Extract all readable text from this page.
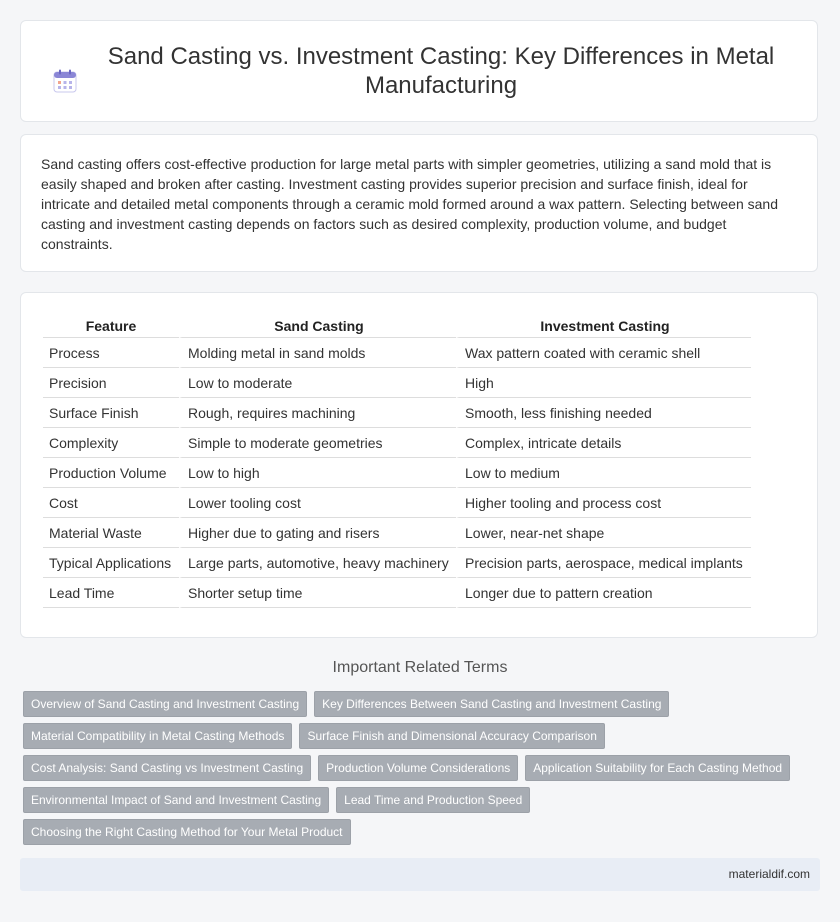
Sand Casting vs. Investment Casting: Key Differences in Metal Manufacturing

Sand casting offers cost-effective production for large metal parts with simpler geometries, utilizing a sand mold that is easily shaped and broken after casting. Investment casting provides superior precision and surface finish, ideal for intricate and detailed metal components through a ceramic mold formed around a wax pattern. Selecting between sand casting and investment casting depends on factors such as desired complexity, production volume, and budget constraints.

Feature	Sand Casting	Investment Casting
Process	Molding metal in sand molds	Wax pattern coated with ceramic shell
Precision	Low to moderate	High
Surface Finish	Rough, requires machining	Smooth, less finishing needed
Complexity	Simple to moderate geometries	Complex, intricate details
Production Volume	Low to high	Low to medium
Cost	Lower tooling cost	Higher tooling and process cost
Material Waste	Higher due to gating and risers	Lower, near-net shape
Typical Applications	Large parts, automotive, heavy machinery	Precision parts, aerospace, medical implants
Lead Time	Shorter setup time	Longer due to pattern creation
Important Related Terms
Overview of Sand Casting and Investment Casting	Key Differences Between Sand Casting and Investment Casting
Material Compatibility in Metal Casting Methods	Surface Finish and Dimensional Accuracy Comparison
Cost Analysis: Sand Casting vs Investment Casting	Production Volume Considerations	Application Suitability for Each Casting Method
Environmental Impact of Sand and Investment Casting	Lead Time and Production Speed
Choosing the Right Casting Method for Your Metal Product
materialdif.com
